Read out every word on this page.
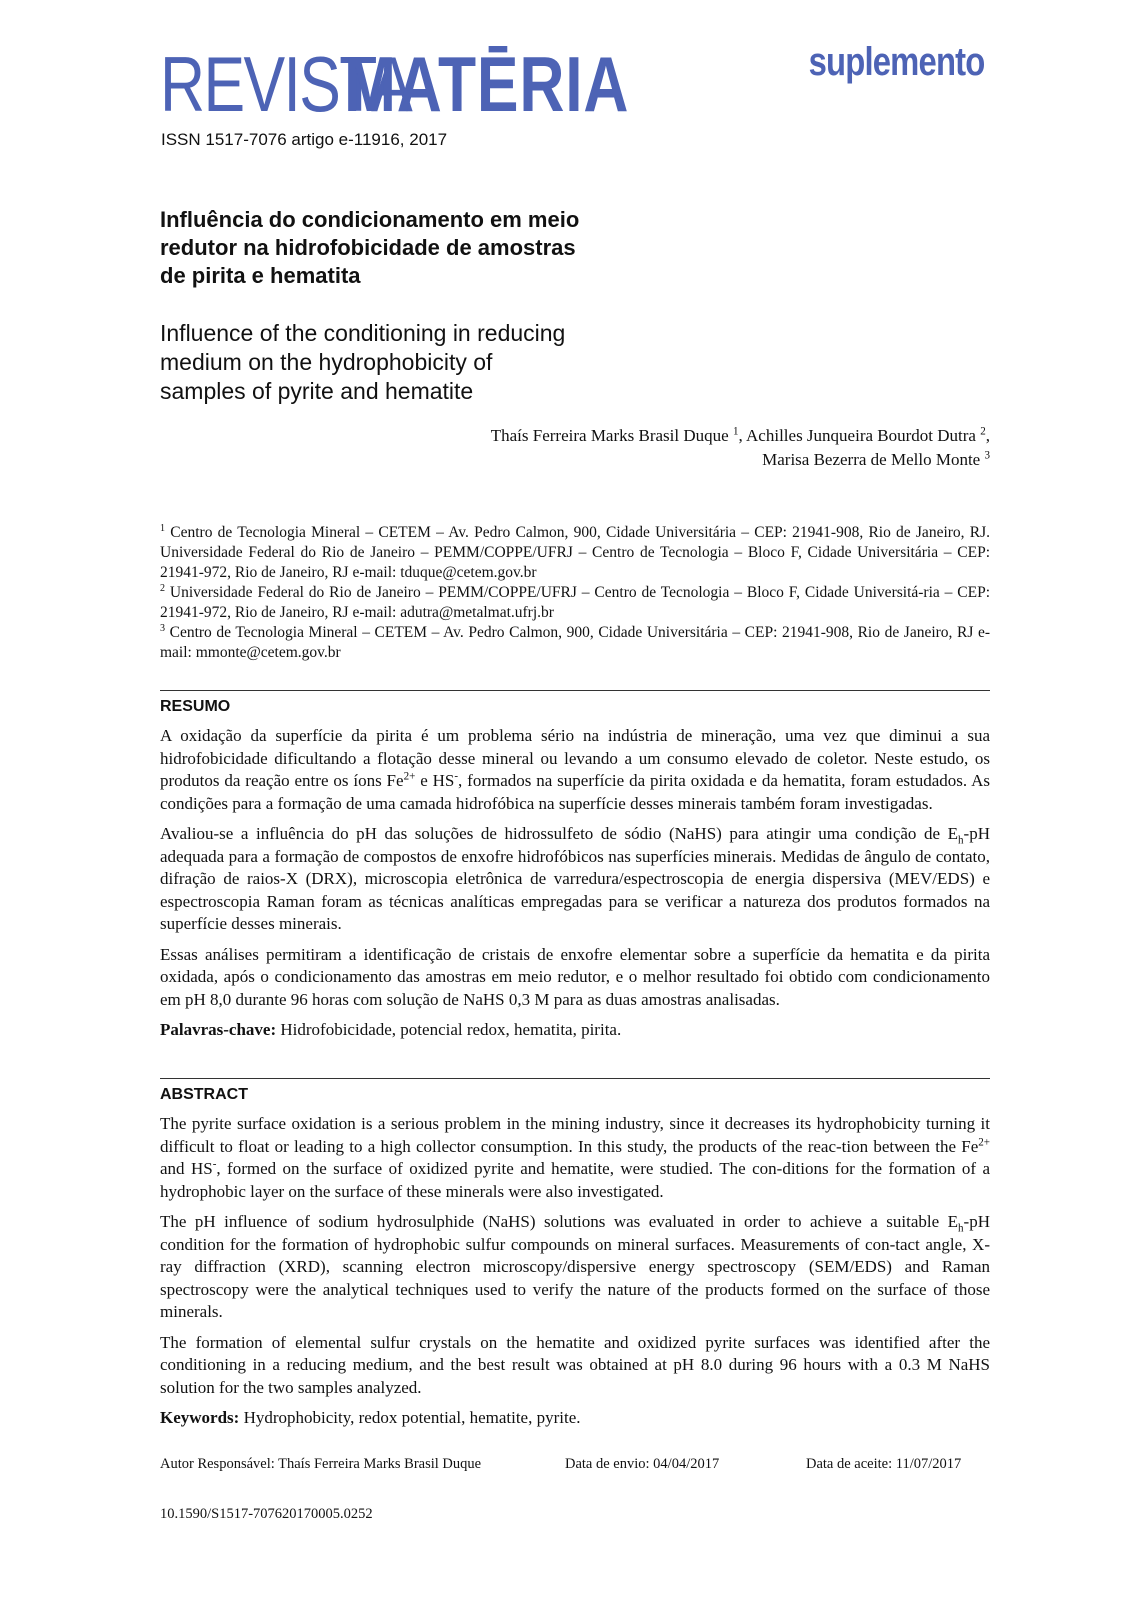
REVISTA
MATĒRIA	suplemento
ISSN 1517-7076 artigo e-11916, 2017
Influência do condicionamento em meio
redutor na hidrofobicidade de amostras
de pirita e hematita
Influence of the conditioning in reducing
medium on the hydrophobicity of
samples of pyrite and hematite
Thaís Ferreira Marks Brasil Duque $^1$, Achilles Junqueira Bourdot Dutra $^2$,
Marisa Bezerra de Mello Monte $^3$
$^1$ Centro de Tecnologia Mineral – CETEM – Av. Pedro Calmon, 900, Cidade Universitária – CEP: 21941-908, Rio de Janeiro, RJ. Universidade Federal do Rio de Janeiro – PEMM/COPPE/UFRJ – Centro de Tecnologia – Bloco F, Cidade Universitária – CEP: 21941-972, Rio de Janeiro, RJ e-mail: tduque@cetem.gov.br
$^2$ Universidade Federal do Rio de Janeiro – PEMM/COPPE/UFRJ – Centro de Tecnologia – Bloco F, Cidade Universitá-ria – CEP: 21941-972, Rio de Janeiro, RJ e-mail: adutra@metalmat.ufrj.br
$^3$ Centro de Tecnologia Mineral – CETEM – Av. Pedro Calmon, 900, Cidade Universitária – CEP: 21941-908, Rio de Janeiro, RJ e-mail: mmonte@cetem.gov.br
RESUMO

A oxidação da superfície da pirita é um problema sério na indústria de mineração, uma vez que diminui a sua hidrofobicidade dificultando a flotação desse mineral ou levando a um consumo elevado de coletor. Neste estudo, os produtos da reação entre os íons $Fe^{2+}$ e HS-, formados na superfície da pirita oxidada e da hematita, foram estudados. As condições para a formação de uma camada hidrofóbica na superfície desses minerais também foram investigadas.

Avaliou-se a influência do pH das soluções de hidrossulfeto de sódio (NaHS) para atingir uma condição de $E_h-pH$ adequada para a formação de compostos de enxofre hidrofóbicos nas superfícies minerais. Medidas de ângulo de contato, difração de raios-X (DRX), microscopia eletrônica de varredura/espectroscopia de energia dispersiva (MEV/EDS) e espectroscopia Raman foram as técnicas analíticas empregadas para se verificar a natureza dos produtos formados na superfície desses minerais.

Essas análises permitiram a identificação de cristais de enxofre elementar sobre a superfície da hematita e da pirita oxidada, após o condicionamento das amostras em meio redutor, e o melhor resultado foi obtido com condicionamento em pH 8,0 durante 96 horas com solução de NaHS 0,3 M para as duas amostras analisadas.

Palavras-chave: Hidrofobicidade, potencial redox, hematita, pirita.

ABSTRACT

The pyrite surface oxidation is a serious problem in the mining industry, since it decreases its hydrophobicity turning it difficult to float or leading to a high collector consumption. In this study, the products of the reac-tion between the $Fe^{2+}$ and HS-, formed on the surface of oxidized pyrite and hematite, were studied. The con-ditions for the formation of a hydrophobic layer on the surface of these minerals were also investigated.

The pH influence of sodium hydrosulphide (NaHS) solutions was evaluated in order to achieve a suitable $E_h-pH$ condition for the formation of hydrophobic sulfur compounds on mineral surfaces. Measurements of con-tact angle, X-ray diffraction (XRD), scanning electron microscopy/dispersive energy spectroscopy (SEM/EDS) and Raman spectroscopy were the analytical techniques used to verify the nature of the products formed on the surface of those minerals.

The formation of elemental sulfur crystals on the hematite and oxidized pyrite surfaces was identified after the conditioning in a reducing medium, and the best result was obtained at pH 8.0 during 96 hours with a 0.3 M NaHS solution for the two samples analyzed.

Keywords: Hydrophobicity, redox potential, hematite, pyrite.

Autor Responsável: Thaís Ferreira Marks Brasil Duque	Data de envio: 04/04/2017	Data de aceite: 11/07/2017
10.1590/S1517-707620170005.0252
